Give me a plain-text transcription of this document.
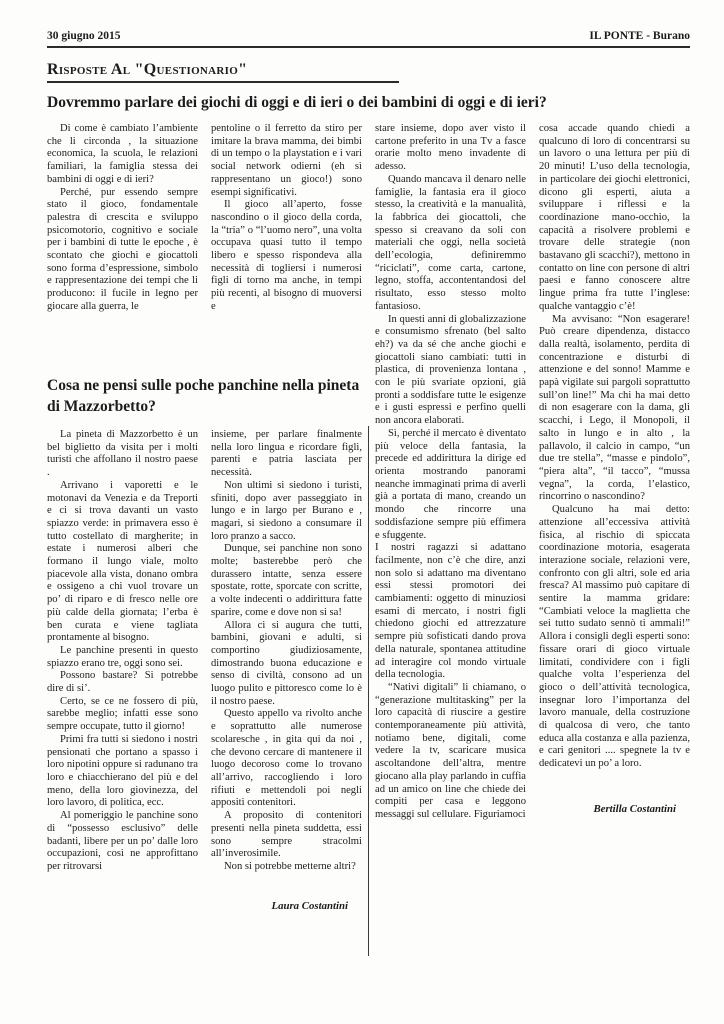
30 giugno 2015	IL PONTE - Burano
Risposte Al "Questionario"
Dovremmo parlare dei giochi di oggi e di ieri o dei bambini di oggi e di ieri?

Di come è cambiato l’ambiente che li circonda , la situazione economica, la scuola, le relazioni familiari, la famiglia stessa dei bambini di oggi e di ieri?

Perché, pur essendo sempre stato il gioco, fondamentale palestra di crescita e sviluppo psicomotorio, cognitivo e sociale per i bambini di tutte le epoche , è scontato che giochi e giocattoli sono forma d’espressione, simbolo e rappresentazione dei tempi che li producono: il fucile in legno per giocare alla guerra, le

pentoline o il ferretto da stiro per imitare la brava mamma, dei bimbi di un tempo o la playstation e i vari social network odierni (eh sì rappresentano un gioco!) sono esempi significativi.

Il gioco all’aperto, fosse nascondino o il gioco della corda, la “tria” o “l’uomo nero”, una volta occupava quasi tutto il tempo libero e spesso rispondeva alla necessità di togliersi i numerosi figli di torno ma anche, in tempi più recenti, al bisogno di muoversi e

Cosa ne pensi sulle poche panchine nella pineta di Mazzorbetto?

La pineta di Mazzorbetto è un bel biglietto da visita per i molti turisti che affollano il nostro paese .

Arrivano i vaporetti e le motonavi da Venezia e da Treporti e ci si trova davanti un vasto spiazzo verde: in primavera esso è tutto costellato di margherite; in estate i numerosi alberi che formano il lungo viale, molto piacevole alla vista, donano ombra e ossigeno a chi vuol trovare un po’ di riparo e di fresco nelle ore più calde della giornata; l’erba è ben curata e viene tagliata prontamente al bisogno.

Le panchine presenti in questo spiazzo erano tre, oggi sono sei.

Possono bastare? Si potrebbe dire di si’.

Certo, se ce ne fossero di più, sarebbe meglio; infatti esse sono sempre occupate, tutto il giorno!

Primi fra tutti si siedono i nostri pensionati che portano a spasso i loro nipotini oppure si radunano tra loro e chiacchierano del più e del meno, della loro giovinezza, del loro lavoro, di politica, ecc.

Al pomeriggio le panchine sono di “possesso esclusivo” delle badanti, libere per un po’ dalle loro occupazioni, così ne approfittano per ritrovarsi

insieme, per parlare finalmente nella loro lingua e ricordare figli, parenti e patria lasciata per necessità.

Non ultimi si siedono i turisti, sfiniti, dopo aver passeggiato in lungo e in largo per Burano e , magari, si siedono a consumare il loro pranzo a sacco.

Dunque, sei panchine non sono molte; basterebbe però che durassero intatte, senza essere spostate, rotte, sporcate con scritte, a volte indecenti o addirittura fatte sparire, come e dove non si sa!

Allora ci si augura che tutti, bambini, giovani e adulti, si comportino giudiziosamente, dimostrando buona educazione e senso di civiltà, consono ad un luogo pulito e pittoresco come lo è il nostro paese.

Questo appello va rivolto anche e soprattutto alle numerose scolaresche , in gita qui da noi , che devono cercare di mantenere il luogo decoroso come lo trovano all’arrivo, raccogliendo i loro rifiuti e mettendoli poi negli appositi contenitori.

A proposito di contenitori presenti nella pineta suddetta, essi sono sempre stracolmi all’inverosimile.

Non si potrebbe metterne altri?

Laura Costantini

stare insieme, dopo aver visto il cartone preferito in una Tv a fasce orarie molto meno invadente di adesso.

Quando mancava il denaro nelle famiglie, la fantasia era il gioco stesso, la creatività e la manualità, la fabbrica dei giocattoli, che spesso si creavano da soli con materiali che oggi, nella società dell’ecologia, definiremmo “riciclati”, come carta, cartone, legno, stoffa, accontentandosi del risultato, esso stesso molto fantasioso.

In questi anni di globalizzazione e consumismo sfrenato (bel salto eh?) va da sé che anche giochi e giocattoli siano cambiati: tutti in plastica, di provenienza lontana , con le più svariate opzioni, già pronti a soddisfare tutte le esigenze e i gusti espressi e perfino quelli non ancora elaborati.

Sì, perché il mercato è diventato più veloce della fantasia, la precede ed addirittura la dirige ed orienta mostrando panorami neanche immaginati prima di averli già a portata di mano, creando un mondo che rincorre una soddisfazione sempre più effimera e sfuggente.

I nostri ragazzi si adattano facilmente, non c’è che dire, anzi non solo si adattano ma diventano essi stessi promotori dei cambiamenti: oggetto di minuziosi esami di mercato, i nostri figli chiedono giochi ed attrezzature sempre più sofisticati dando prova della naturale, spontanea attitudine ad interagire col mondo virtuale della tecnologia.

“Nativi digitali” li chiamano, o “generazione multitasking” per la loro capacità di riuscire a gestire contemporaneamente più attività, notiamo bene, digitali, come vedere la tv, scaricare musica ascoltandone dell’altra, mentre giocano alla play parlando in cuffia ad un amico on line che chiede dei compiti per casa e leggono messaggi sul cellulare. Figuriamoci

cosa accade quando chiedi a qualcuno di loro di concentrarsi su un lavoro o una lettura per più di 20 minuti! L’uso della tecnologia, in particolare dei giochi elettronici, dicono gli esperti, aiuta a sviluppare i riflessi e la coordinazione mano-occhio, la capacità a risolvere problemi e trovare delle strategie (non bastavano gli scacchi?), mettono in contatto on line con persone di altri paesi e fanno conoscere altre lingue prima fra tutte l’inglese: qualche vantaggio c’è!

Ma avvisano: “Non esagerare! Può creare dipendenza, distacco dalla realtà, isolamento, perdita di concentrazione e disturbi di attenzione e del sonno! Mamme e papà vigilate sui pargoli soprattutto sull’on line!” Ma chi ha mai detto di non esagerare con la dama, gli scacchi, i Lego, il Monopoli, il salto in lungo e in alto , la pallavolo, il calcio in campo, “un due tre stella”, “masse e pindolo”, “piera alta”, “il tacco”, “mussa vegna”, la corda, l’elastico, rincorrino o nascondino?

Qualcuno ha mai detto: attenzione all’eccessiva attività fisica, al rischio di spiccata coordinazione motoria, esagerata interazione sociale, relazioni vere, confronto con gli altri, sole ed aria fresca? Al massimo può capitare di sentire la mamma gridare: “Cambiati veloce la maglietta che sei tutto sudato sennò ti ammali!” Allora i consigli degli esperti sono: fissare orari di gioco virtuale limitati, condividere con i figli qualche volta l’esperienza del gioco o dell’attività tecnologica, insegnar loro l’importanza del lavoro manuale, della costruzione di qualcosa di vero, che tanto educa alla costanza e alla pazienza, e cari genitori .... spegnete la tv e dedicatevi un po’ a loro.

Bertilla Costantini
